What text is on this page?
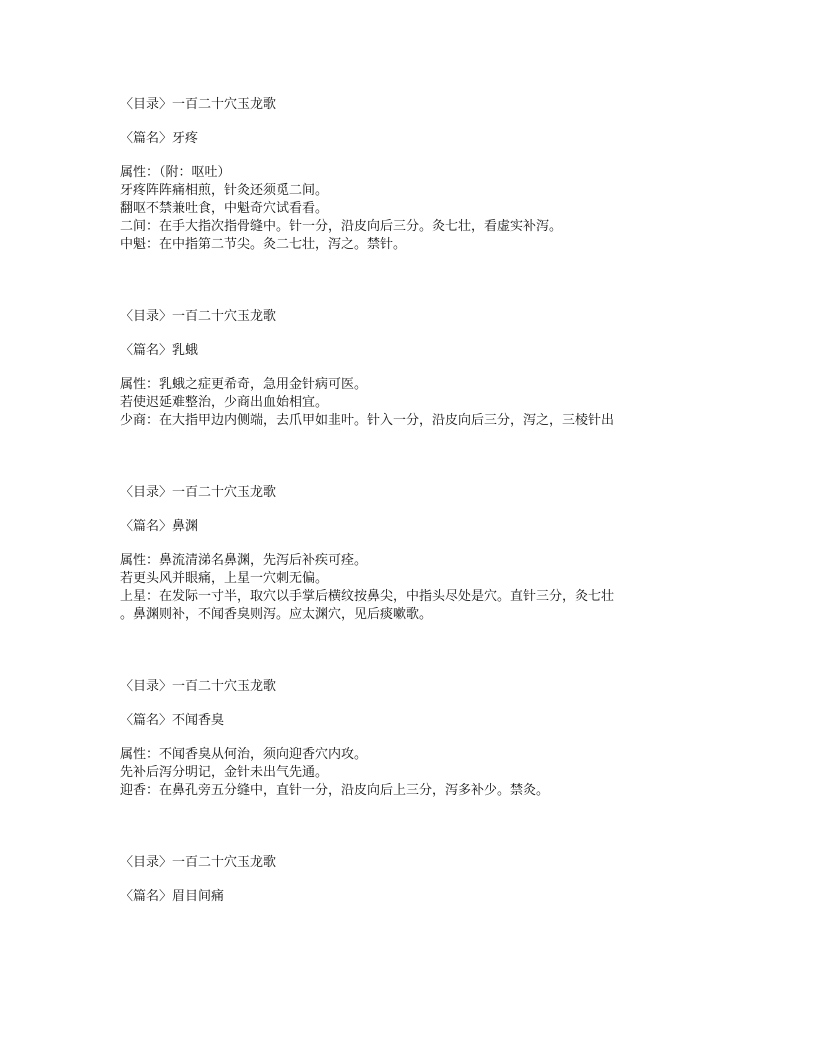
〈目录〉一百二十穴玉龙歌
〈篇名〉牙疼
属性：（附：呕吐）
牙疼阵阵痛相煎，针灸还须觅二间。
翻呕不禁兼吐食，中魁奇穴试看看。
二间：在手大指次指骨缝中。针一分，沿皮向后三分。灸七壮，看虚实补泻。
中魁：在中指第二节尖。灸二七壮，泻之。禁针。
〈目录〉一百二十穴玉龙歌
〈篇名〉乳蛾
属性：乳蛾之症更希奇，急用金针病可医。
若使迟延难整治，少商出血始相宜。
少商：在大指甲边内侧端，去爪甲如韭叶。针入一分，沿皮向后三分，泻之，三棱针出
〈目录〉一百二十穴玉龙歌
〈篇名〉鼻渊
属性：鼻流清涕名鼻渊，先泻后补疾可痊。
若更头风并眼痛，上星一穴刺无偏。
上星：在发际一寸半，取穴以手掌后横纹按鼻尖，中指头尽处是穴。直针三分，灸七壮
。鼻渊则补，不闻香臭则泻。应太渊穴，见后痰嗽歌。
〈目录〉一百二十穴玉龙歌
〈篇名〉不闻香臭
属性：不闻香臭从何治，须向迎香穴内攻。
先补后泻分明记，金针未出气先通。
迎香：在鼻孔旁五分缝中，直针一分，沿皮向后上三分，泻多补少。禁灸。
〈目录〉一百二十穴玉龙歌
〈篇名〉眉目间痛
